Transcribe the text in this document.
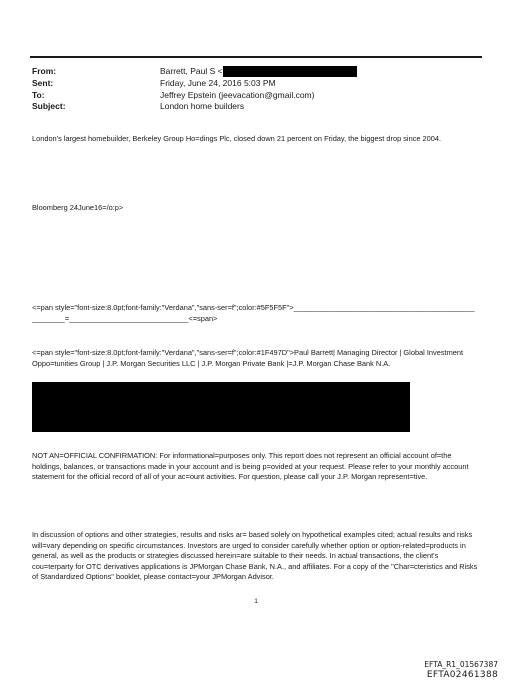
From:	Barrett, Paul S <
Sent:	Friday, June 24, 2016 5:03 PM
To:	Jeffrey Epstein (jeevacation@gmail.com)
Subject:	London home builders
London's largest homebuilder, Berkeley Group Ho=dings Plc, closed down 21 percent on Friday, the biggest drop since 2004.
Bloomberg 24June16=/o:p>
<=pan style="font-size:8.0pt;font-family:"Verdana","sans-ser=f";color:#5F5F5F">____________________________________________________=_____________________________<=span>
<=pan style="font-size:8.0pt;font-family:"Verdana","sans-ser=f";color:#1F497D">Paul Barrett| Managing Director | Global Investment Oppo=tunities Group | J.P. Morgan Securities LLC | J.P. Morgan Private Bank |=J.P. Morgan Chase Bank N.A.
NOT AN=OFFICIAL CONFIRMATION: For informational=purposes only. This report does not represent an official account of=the holdings, balances, or transactions made in your account and is being p=ovided at your request. Please refer to your monthly account statement for the official record of all of your ac=ount activities. For question, please call your J.P. Morgan represent=tive.
In discussion of options and other strategies, results and risks ar= based solely on hypothetical examples cited; actual results and risks will=vary depending on specific circumstances. Investors are urged to consider carefully whether option or option-related=products in general, as well as the products or strategies discussed herein=are suitable to their needs. In actual transactions, the client's cou=terparty for OTC derivatives applications is JPMorgan Chase Bank, N.A., and affiliates. For a copy of the "Char=cteristics and Risks of Standardized Options" booklet, please contact=your JPMorgan Advisor.
1
EFTA_R1_01567387
EFTA02461388
